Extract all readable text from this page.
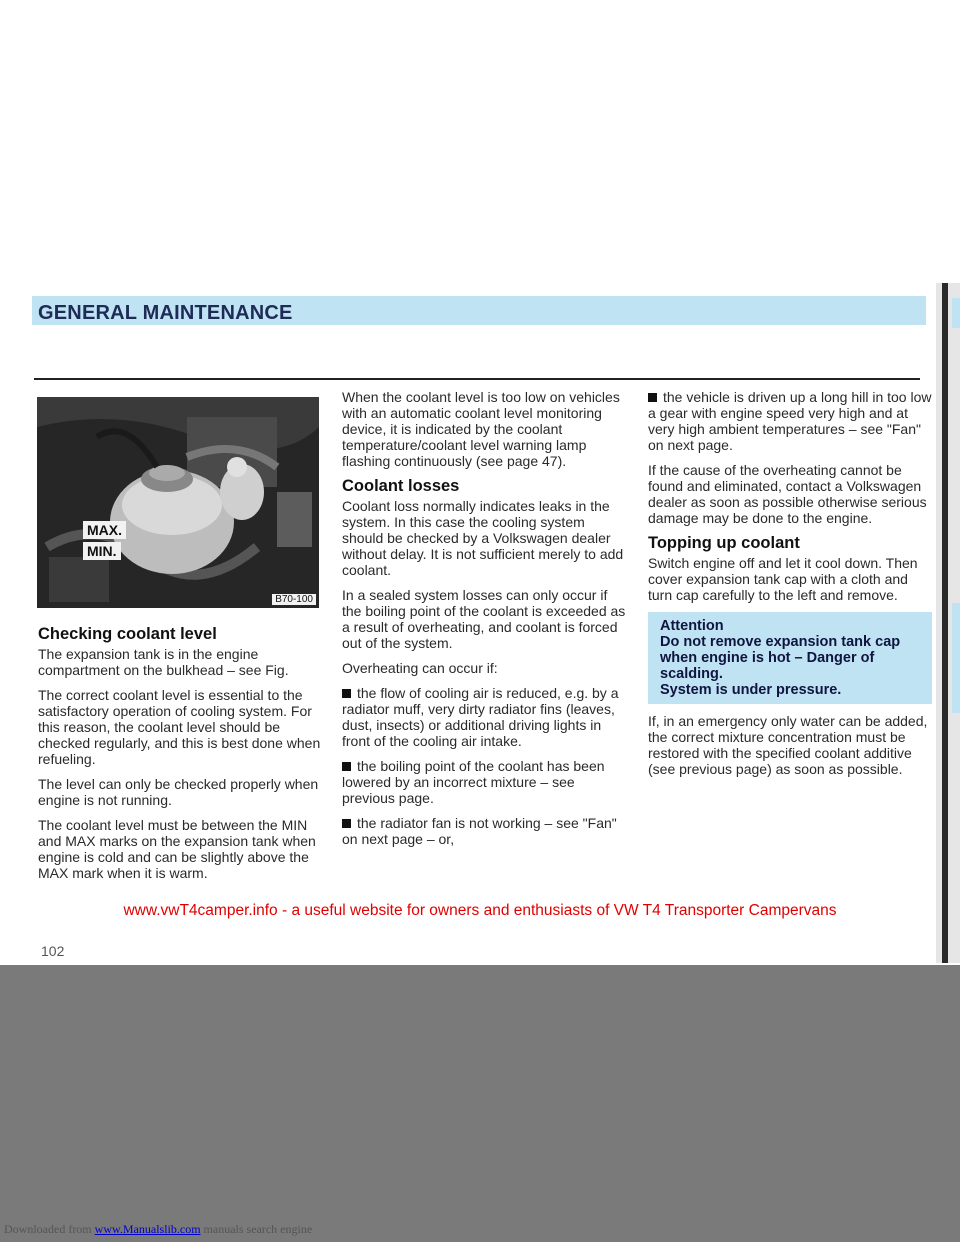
GENERAL MAINTENANCE
MAX.
MIN.
B70-100
Checking coolant level

The expansion tank is in the engine compartment on the bulkhead – see Fig.

The correct coolant level is essential to the satisfactory operation of cooling system. For this reason, the coolant level should be checked regularly, and this is best done when refueling.

The level can only be checked properly when engine is not running.

The coolant level must be between the MIN and MAX marks on the expansion tank when engine is cold and can be slightly above the MAX mark when it is warm.

When the coolant level is too low on vehicles with an automatic coolant level monitoring device, it is indicated by the coolant temperature/coolant level warning lamp flashing continuously (see page 47).

Coolant losses

Coolant loss normally indicates leaks in the system. In this case the cooling system should be checked by a Volkswagen dealer without delay. It is not sufficient merely to add coolant.

In a sealed system losses can only occur if the boiling point of the coolant is exceeded as a result of overheating, and coolant is forced out of the system.

Overheating can occur if:

the flow of cooling air is reduced, e.g. by a radiator muff, very dirty radiator fins (leaves, dust, insects) or additional driving lights in front of the cooling air intake.

the boiling point of the coolant has been lowered by an incorrect mixture – see previous page.

the radiator fan is not working – see "Fan" on next page – or,

the vehicle is driven up a long hill in too low a gear with engine speed very high and at very high ambient temperatures – see "Fan" on next page.

If the cause of the overheating cannot be found and eliminated, contact a Volkswagen dealer as soon as possible otherwise serious damage may be done to the engine.

Topping up coolant

Switch engine off and let it cool down. Then cover expansion tank cap with a cloth and turn cap carefully to the left and remove.

Attention
Do not remove expansion tank cap when engine is hot – Danger of scalding.
System is under pressure.

If, in an emergency only water can be added, the correct mixture concentration must be restored with the specified coolant additive (see previous page) as soon as possible.

www.vwT4camper.info - a useful website for owners and enthusiasts of VW T4 Transporter Campervans
102
Downloaded from www.Manualslib.com manuals search engine
